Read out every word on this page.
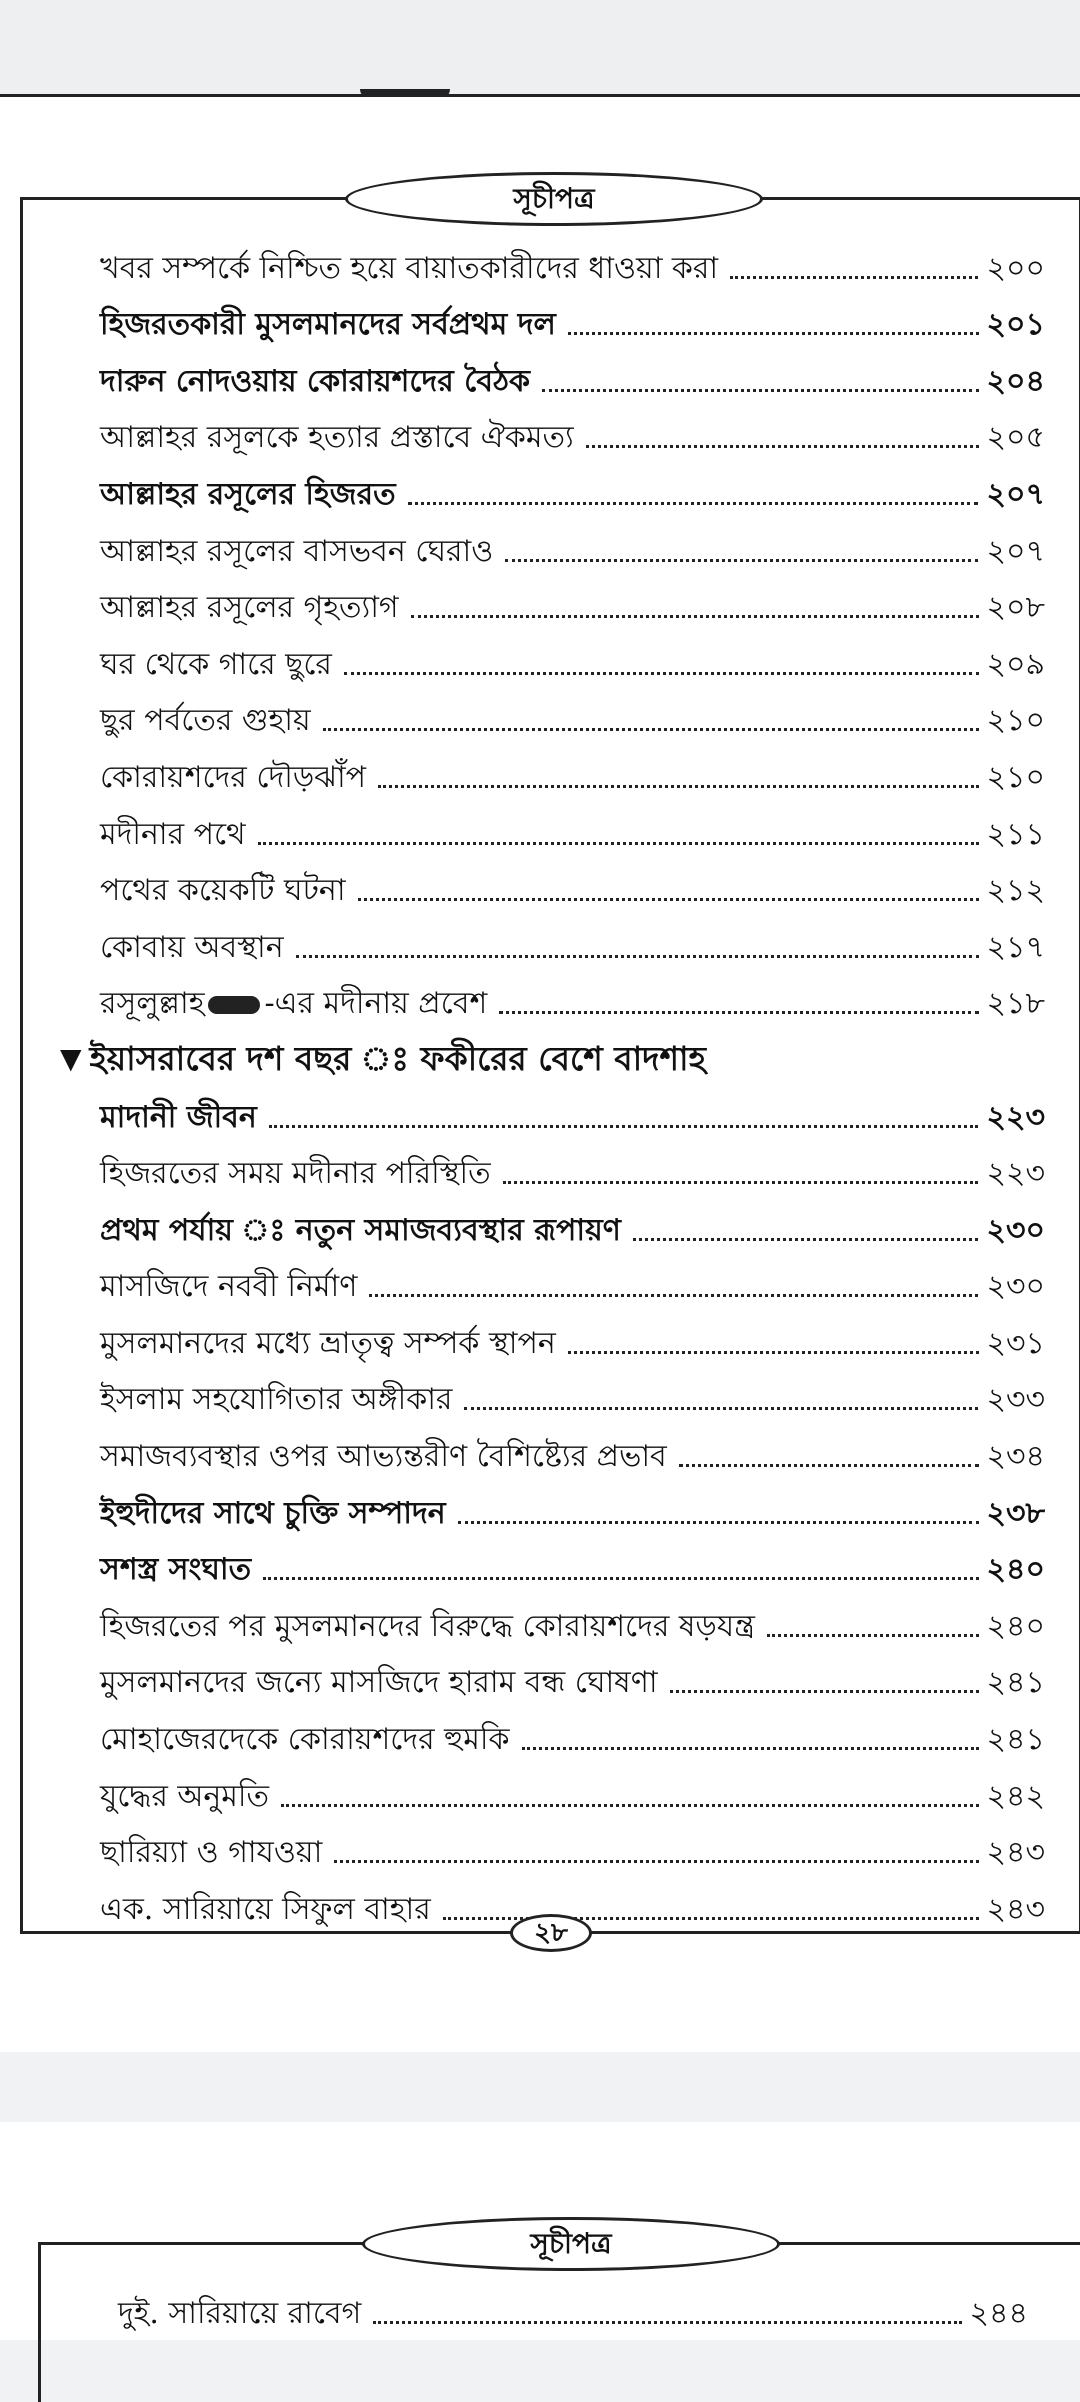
সূচীপত্র
খবর সম্পর্কে নিশ্চিত হয়ে বায়াতকারীদের ধাওয়া করা	২০০
হিজরতকারী মুসলমানদের সর্বপ্রথম দল	২০১
দারুন নোদওয়ায় কোরায়শদের বৈঠক	২০৪
আল্লাহর রসূলকে হত্যার প্রস্তাবে ঐকমত্য	২০৫
আল্লাহর রসূলের হিজরত	২০৭
আল্লাহর রসূলের বাসভবন ঘেরাও	২০৭
আল্লাহর রসূলের গৃহত্যাগ	২০৮
ঘর থেকে গারে ছুরে	২০৯
ছুর পর্বতের গুহায়	২১০
কোরায়শদের দৌড়ঝাঁপ	২১০
মদীনার পথে	২১১
পথের কয়েকটি ঘটনা	২১২
কোবায় অবস্থান	২১৭
রসূলুল্লাহ -এর মদীনায় প্রবেশ	২১৮
▼ ইয়াসরাবের দশ বছর ঃ ফকীরের বেশে বাদশাহ
মাদানী জীবন	২২৩
হিজরতের সময় মদীনার পরিস্থিতি	২২৩
প্রথম পর্যায় ঃ নতুন সমাজব্যবস্থার রূপায়ণ	২৩০
মাসজিদে নববী নির্মাণ	২৩০
মুসলমানদের মধ্যে ভ্রাতৃত্ব সম্পর্ক স্থাপন	২৩১
ইসলাম সহযোগিতার অঙ্গীকার	২৩৩
সমাজব্যবস্থার ওপর আভ্যন্তরীণ বৈশিষ্ট্যের প্রভাব	২৩৪
ইহুদীদের সাথে চুক্তি সম্পাদন	২৩৮
সশস্ত্র সংঘাত	২৪০
হিজরতের পর মুসলমানদের বিরুদ্ধে কোরায়শদের ষড়যন্ত্র	২৪০
মুসলমানদের জন্যে মাসজিদে হারাম বন্ধ ঘোষণা	২৪১
মোহাজেরদেকে কোরায়শদের হুমকি	২৪১
যুদ্ধের অনুমতি	২৪২
ছারিয়্যা ও গাযওয়া	২৪৩
এক. সারিয়ায়ে সিফুল বাহার	২৪৩
২৮
সূচীপত্র
দুই. সারিয়ায়ে রাবেগ	২৪৪
